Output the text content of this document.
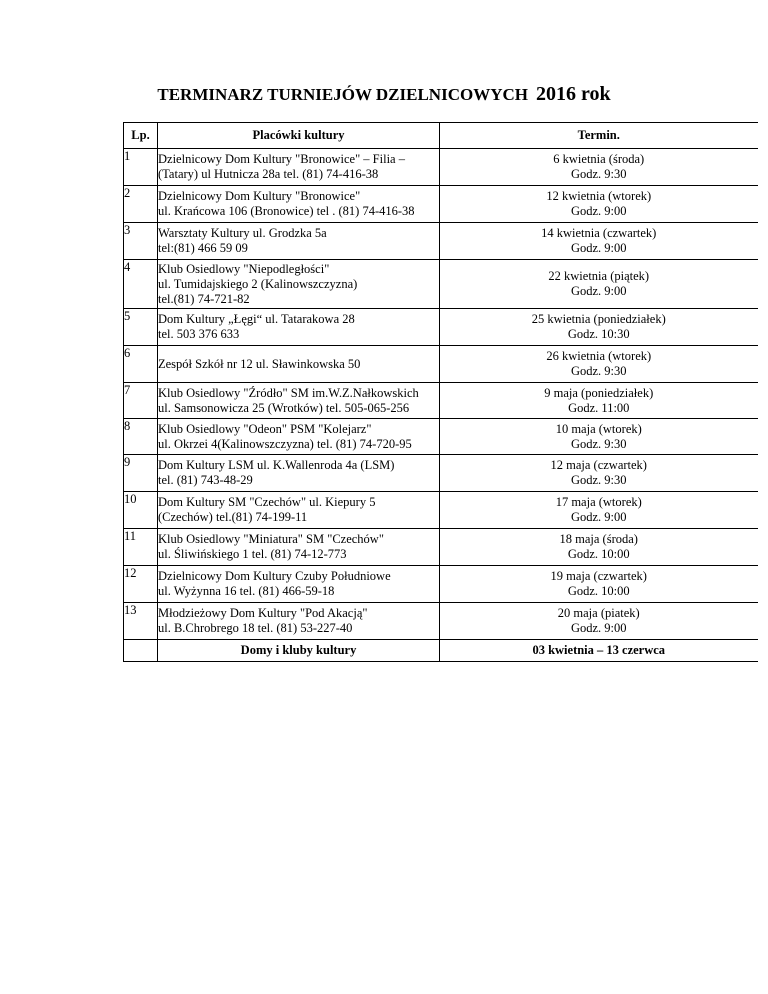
TERMINARZ TURNIEJÓW DZIELNICOWYCH 2016 rok
Lp.	Placówki kultury	Termin.
1	Dzielnicowy Dom Kultury "Bronowice" – Filia –
(Tatary) ul Hutnicza 28a tel. (81) 74-416-38	6 kwietnia (środa)
Godz. 9:30

2	Dzielnicowy Dom Kultury "Bronowice"
ul. Krańcowa 106 (Bronowice) tel . (81) 74-416-38	12 kwietnia (wtorek)
Godz. 9:00

3	Warsztaty Kultury ul. Grodzka 5a
tel:(81) 466 59 09	14 kwietnia (czwartek)
Godz. 9:00

4	Klub Osiedlowy "Niepodległości"
ul. Tumidajskiego 2 (Kalinowszczyzna)
tel.(81) 74-721-82	22 kwietnia (piątek)
Godz. 9:00

5	Dom Kultury „Łęgi“ ul. Tatarakowa 28
tel. 503 376 633	25 kwietnia (poniedziałek)
Godz. 10:30

6	Zespół Szkół nr 12 ul. Sławinkowska 50	26 kwietnia (wtorek)
Godz. 9:30

7	Klub Osiedlowy "Źródło" SM im.W.Z.Nałkowskich
ul. Samsonowicza 25 (Wrotków) tel. 505-065-256	9 maja (poniedziałek)
Godz. 11:00

8	Klub Osiedlowy "Odeon" PSM "Kolejarz"
ul. Okrzei 4(Kalinowszczyzna) tel. (81) 74-720-95	10 maja (wtorek)
Godz. 9:30

9	Dom Kultury LSM ul. K.Wallenroda 4a (LSM)
tel. (81) 743-48-29	12 maja (czwartek)
Godz. 9:30

10	Dom Kultury SM "Czechów" ul. Kiepury 5
(Czechów) tel.(81) 74-199-11	17 maja (wtorek)
Godz. 9:00

11	Klub Osiedlowy "Miniatura" SM "Czechów"
ul. Śliwińskiego 1 tel. (81) 74-12-773	18 maja (środa)
Godz. 10:00

12	Dzielnicowy Dom Kultury Czuby Południowe
ul. Wyżynna 16 tel. (81) 466-59-18	19 maja (czwartek)
Godz. 10:00

13	Młodzieżowy Dom Kultury "Pod Akacją"
ul. B.Chrobrego 18 tel. (81) 53-227-40	20 maja (piatek)
Godz. 9:00

	Domy i kluby kultury	03 kwietnia – 13 czerwca
